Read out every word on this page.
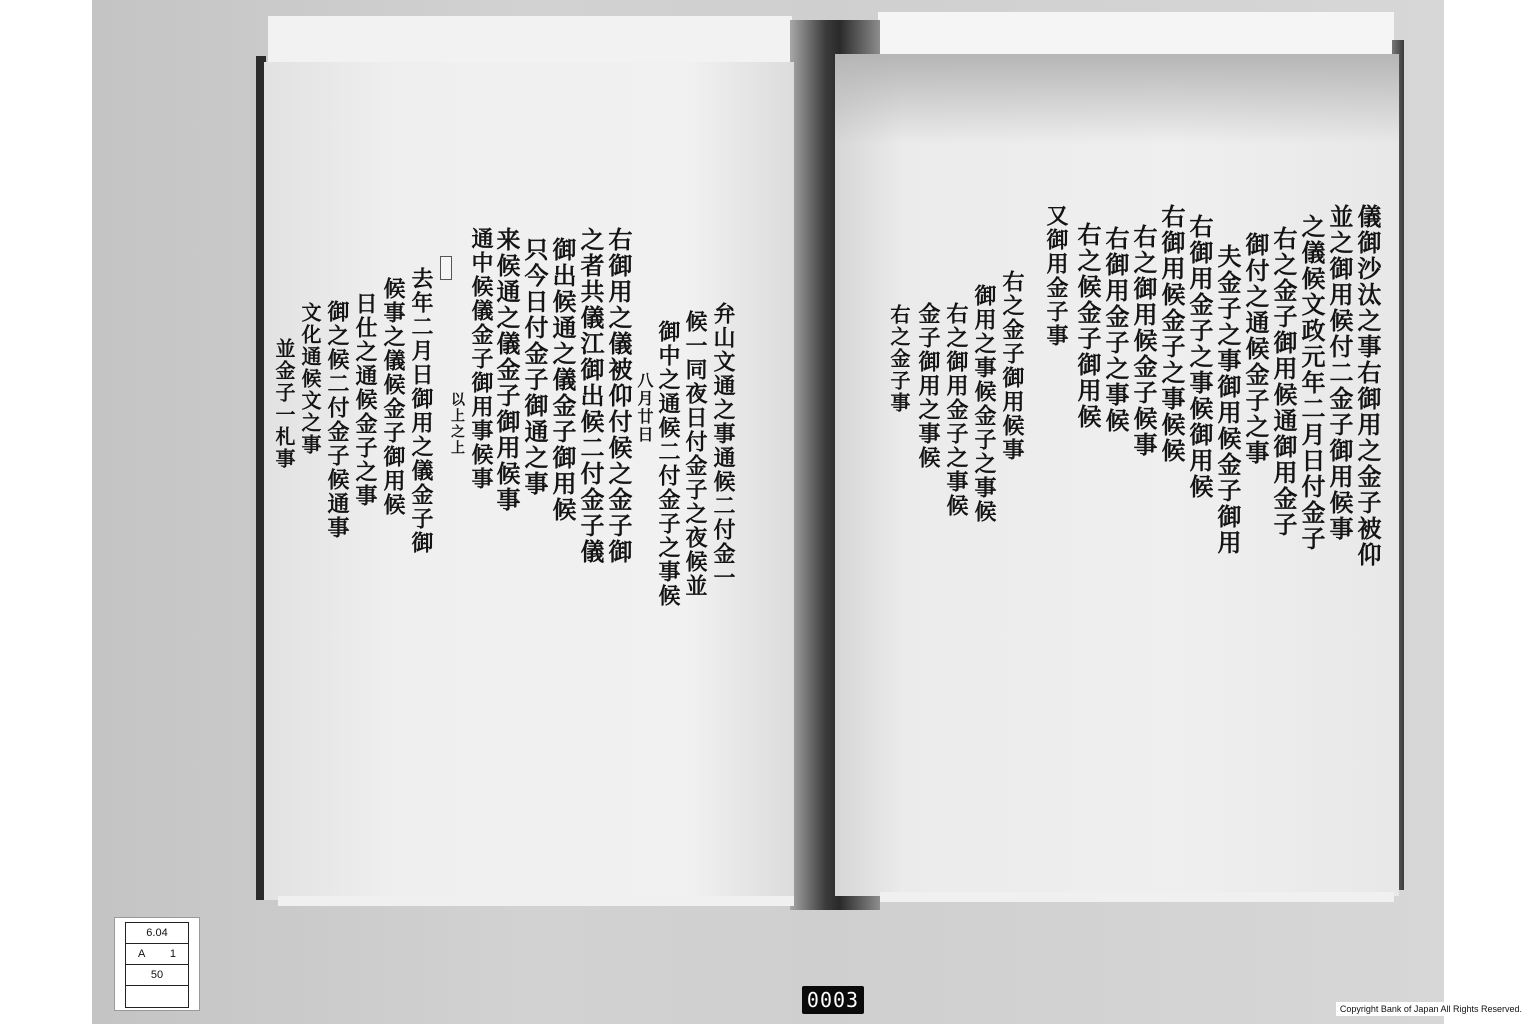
弁山文通之事通候二付金一
候一同夜日付金子之夜候並
御中之通候二付金子之事候
八月廿日
右御用之儀被仰付候之金子御
之者共儀江御出候二付金子儀
御出候通之儀金子御用候
只今日付金子御通之事
来候通之儀金子御用候事
通中候儀金子御用事候事
以上之上
去年二月日御用之儀金子御
候事之儀候金子御用候
日仕之通候金子之事
御之候二付金子候通事
文化通候文之事
並金子一札事	儀御沙汰之事右御用之金子被仰
並之御用候付二金子御用候事
之儀候文政元年二月日付金子
右之金子御用候通御用金子
御付之通候金子之事
夫金子之事御用候金子御用
右御用金子之事候御用候
右御用候金子之事候候
右之御用候金子候事
右御用金子之事候
右之候金子御用候
又御用金子事
右之金子御用候事
御用之事候金子之事候
右之御用金子之事候
金子御用之事候
右之金子事
6.04
A 1
50
0003	Copyright Bank of Japan All Rights Reserved.
